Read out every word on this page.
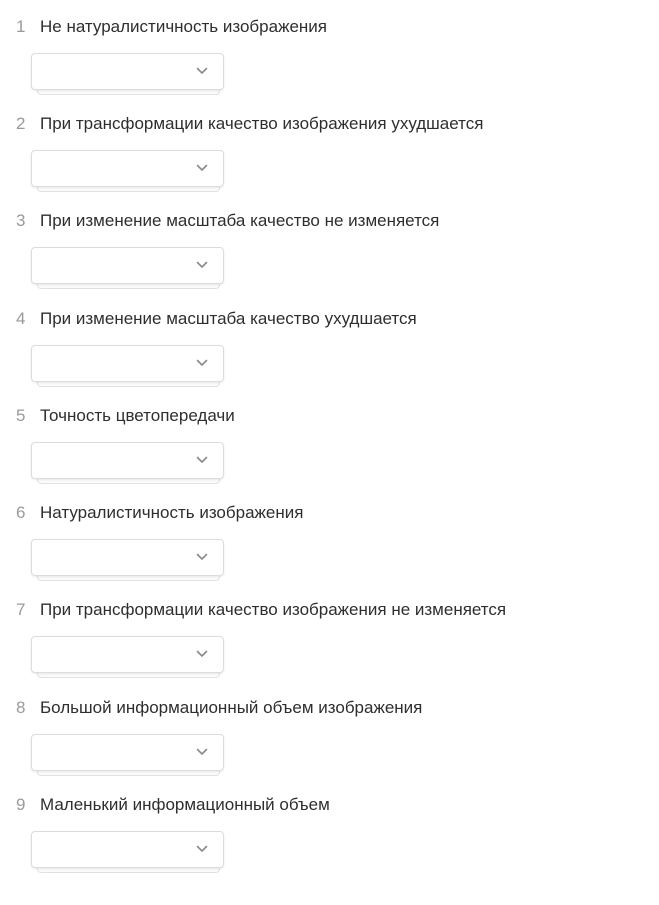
1 Не натуралистичность изображения
2 При трансформации качество изображения ухудшается
3 При изменение масштаба качество не изменяется
4 При изменение масштаба качество ухудшается
5 Точность цветопередачи
6 Натуралистичность изображения
7 При трансформации качество изображения не изменяется
8 Большой информационный объем изображения
9 Маленький информационный объем
